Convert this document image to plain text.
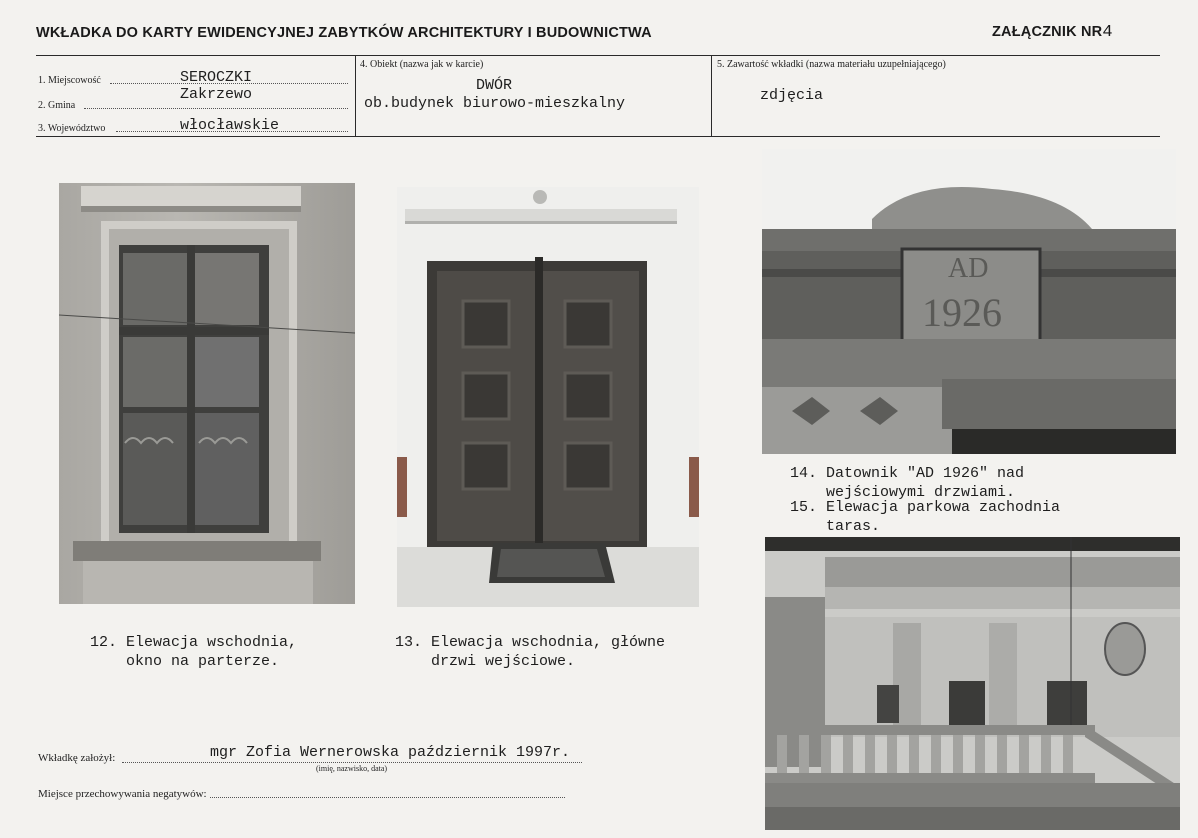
WKŁADKA DO KARTY EWIDENCYJNEJ ZABYTKÓW ARCHITEKTURY I BUDOWNICTWA	ZAŁĄCZNIK NR4
1. Miejscowość	SEROCZKI
2. Gmina
Zakrzewo
3. Województwo	włocławskie
4. Obiekt (nazwa jak w karcie)
DWÓR
ob.budynek biurowo-mieszkalny
5. Zawartość wkładki (nazwa materiału uzupełniającego)
zdjęcia
AD
1926
12. Elewacja wschodnia,
okno na parterze.
13. Elewacja wschodnia, główne
drzwi wejściowe.
14. Datownik "AD 1926" nad
wejściowymi drzwiami.
15. Elewacja parkowa zachodnia
taras.
Wkładkę założył:	mgr Zofia Wernerowska październik 1997r.
(imię, nazwisko, data)
Miejsce przechowywania negatywów:
